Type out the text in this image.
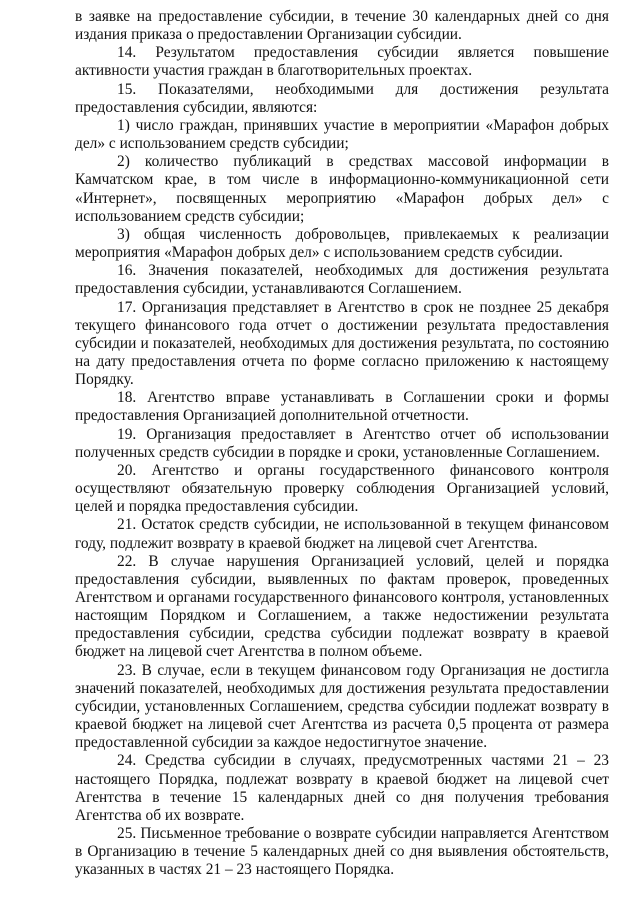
в заявке на предоставление субсидии, в течение 30 календарных дней со дня издания приказа о предоставлении Организации субсидии.

14. Результатом предоставления субсидии является повышение активности участия граждан в благотворительных проектах.

15. Показателями, необходимыми для достижения результата предоставления субсидии, являются:

1) число граждан, принявших участие в мероприятии «Марафон добрых дел» с использованием средств субсидии;

2) количество публикаций в средствах массовой информации в Камчатском крае, в том числе в информационно-коммуникационной сети «Интернет», посвященных мероприятию «Марафон добрых дел» с использованием средств субсидии;

3) общая численность добровольцев, привлекаемых к реализации мероприятия «Марафон добрых дел» с использованием средств субсидии.

16. Значения показателей, необходимых для достижения результата предоставления субсидии, устанавливаются Соглашением.

17. Организация представляет в Агентство в срок не позднее 25 декабря текущего финансового года отчет о достижении результата предоставления субсидии и показателей, необходимых для достижения результата, по состоянию на дату предоставления отчета по форме согласно приложению к настоящему Порядку.

18. Агентство вправе устанавливать в Соглашении сроки и формы предоставления Организацией дополнительной отчетности.

19. Организация предоставляет в Агентство отчет об использовании полученных средств субсидии в порядке и сроки, установленные Соглашением.

20. Агентство и органы государственного финансового контроля осуществляют обязательную проверку соблюдения Организацией условий, целей и порядка предоставления субсидии.

21. Остаток средств субсидии, не использованной в текущем финансовом году, подлежит возврату в краевой бюджет на лицевой счет Агентства.

22. В случае нарушения Организацией условий, целей и порядка предоставления субсидии, выявленных по фактам проверок, проведенных Агентством и органами государственного финансового контроля, установленных настоящим Порядком и Соглашением, а также недостижении результата предоставления субсидии, средства субсидии подлежат возврату в краевой бюджет на лицевой счет Агентства в полном объеме.

23. В случае, если в текущем финансовом году Организация не достигла значений показателей, необходимых для достижения результата предоставлении субсидии, установленных Соглашением, средства субсидии подлежат возврату в краевой бюджет на лицевой счет Агентства из расчета 0,5 процента от размера предоставленной субсидии за каждое недостигнутое значение.

24. Средства субсидии в случаях, предусмотренных частями 21 – 23 настоящего Порядка, подлежат возврату в краевой бюджет на лицевой счет Агентства в течение 15 календарных дней со дня получения требования Агентства об их возврате.

25. Письменное требование о возврате субсидии направляется Агентством в Организацию в течение 5 календарных дней со дня выявления обстоятельств, указанных в частях 21 – 23 настоящего Порядка.
